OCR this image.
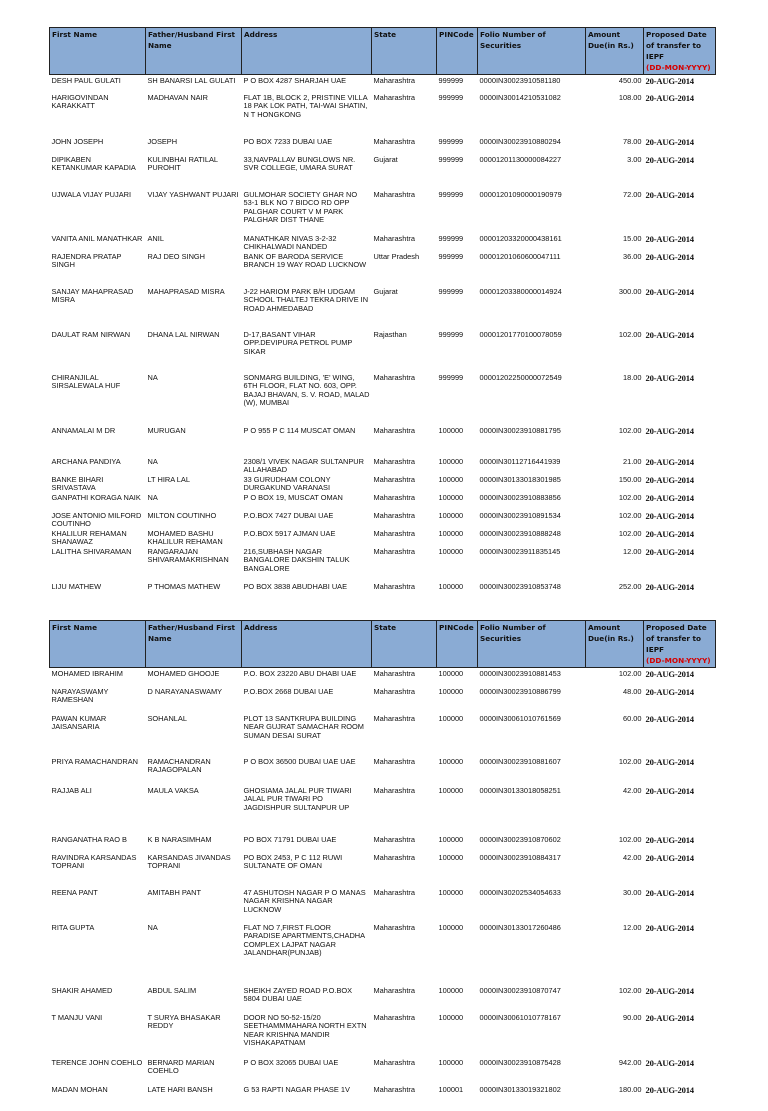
First Name	Father/Husband First Name	Address	State	PINCode	Folio Number of Securities	Amount Due(in Rs.)	Proposed Date of transfer to IEPF
(DD-MON-YYYY)
DESH PAUL GULATI	SH BANARSI LAL GULATI	P O BOX 4287 SHARJAH UAE	Maharashtra	999999	0000IN30023910581180	450.00	20-AUG-2014
HARIGOVINDAN KARAKKATT	MADHAVAN NAIR	FLAT 1B, BLOCK 2, PRISTINE VILLA 18 PAK LOK PATH, TAI-WAI SHATIN, N T HONGKONG	Maharashtra	999999	0000IN30014210531082	108.00	20-AUG-2014
JOHN JOSEPH	JOSEPH	PO BOX 7233 DUBAI UAE	Maharashtra	999999	0000IN30023910880294	78.00	20-AUG-2014
DIPIKABEN KETANKUMAR KAPADIA	KULINBHAI RATILAL PUROHIT	33,NAVPALLAV BUNGLOWS NR. SVR COLLEGE, UMARA SURAT	Gujarat	999999	00001201130000084227	3.00	20-AUG-2014
UJWALA VIJAY PUJARI	VIJAY YASHWANT PUJARI	GULMOHAR SOCIETY GHAR NO 53-1 BLK NO 7 BIDCO RD OPP PALGHAR COURT V M PARK PALGHAR DIST THANE	Maharashtra	999999	00001201090000190979	72.00	20-AUG-2014
VANITA ANIL MANATHKAR	ANIL	MANATHKAR NIVAS 3-2-32 CHIKHALWADI NANDED	Maharashtra	999999	00001203320000438161	15.00	20-AUG-2014
RAJENDRA PRATAP SINGH	RAJ DEO SINGH	BANK OF BARODA SERVICE BRANCH 19 WAY ROAD LUCKNOW	Uttar Pradesh	999999	00001201060600047111	36.00	20-AUG-2014
SANJAY MAHAPRASAD MISRA	MAHAPRASAD MISRA	J-22 HARIOM PARK B/H UDGAM SCHOOL THALTEJ TEKRA DRIVE IN ROAD AHMEDABAD	Gujarat	999999	00001203380000014924	300.00	20-AUG-2014
DAULAT RAM NIRWAN	DHANA LAL NIRWAN	D-17,BASANT VIHAR OPP.DEVIPURA PETROL PUMP SIKAR	Rajasthan	999999	00001201770100078059	102.00	20-AUG-2014
CHIRANJILAL SIRSALEWALA HUF	NA	SONMARG BUILDING, 'E' WING, 6TH FLOOR, FLAT NO. 603, OPP. BAJAJ BHAVAN, S. V. ROAD, MALAD (W), MUMBAI	Maharashtra	999999	00001202250000072549	18.00	20-AUG-2014
ANNAMALAI M DR	MURUGAN	P O 955 P C 114 MUSCAT OMAN	Maharashtra	100000	0000IN30023910881795	102.00	20-AUG-2014
ARCHANA PANDIYA	NA	2308/1 VIVEK NAGAR SULTANPUR ALLAHABAD	Maharashtra	100000	0000IN30112716441939	21.00	20-AUG-2014
BANKE BIHARI SRIVASTAVA	LT HIRA LAL	33 GURUDHAM COLONY DURGAKUND VARANASI	Maharashtra	100000	0000IN30133018301985	150.00	20-AUG-2014
GANPATHI KORAGA NAIK	NA	P O BOX 19, MUSCAT OMAN	Maharashtra	100000	0000IN30023910883856	102.00	20-AUG-2014
JOSE ANTONIO MILFORD COUTINHO	MILTON COUTINHO	P.O.BOX 7427 DUBAI UAE	Maharashtra	100000	0000IN30023910891534	102.00	20-AUG-2014
KHALILUR REHAMAN SHANAWAZ	MOHAMED BASHU KHALILUR REHAMAN	P.O.BOX 5917 AJMAN UAE	Maharashtra	100000	0000IN30023910888248	102.00	20-AUG-2014
LALITHA SHIVARAMAN	RANGARAJAN SHIVARAMAKRISHNAN	216,SUBHASH NAGAR BANGALORE DAKSHIN TALUK BANGALORE	Maharashtra	100000	0000IN30023911835145	12.00	20-AUG-2014
LIJU MATHEW	P THOMAS MATHEW	PO BOX 3838 ABUDHABI UAE	Maharashtra	100000	0000IN30023910853748	252.00	20-AUG-2014
First Name	Father/Husband First Name	Address	State	PINCode	Folio Number of Securities	Amount Due(in Rs.)	Proposed Date of transfer to IEPF
(DD-MON-YYYY)
MOHAMED IBRAHIM	MOHAMED GHOOJE	P.O. BOX 23220 ABU DHABI UAE	Maharashtra	100000	0000IN30023910881453	102.00	20-AUG-2014
NARAYASWAMY RAMESHAN	D NARAYANASWAMY	P.O.BOX 2668 DUBAI UAE	Maharashtra	100000	0000IN30023910886799	48.00	20-AUG-2014
PAWAN KUMAR JAISANSARIA	SOHANLAL	PLOT 13 SANTKRUPA BUILDING NEAR GUJRAT SAMACHAR ROOM SUMAN DESAI SURAT	Maharashtra	100000	0000IN30061010761569	60.00	20-AUG-2014
PRIYA RAMACHANDRAN	RAMACHANDRAN RAJAGOPALAN	P O BOX 36500 DUBAI UAE UAE	Maharashtra	100000	0000IN30023910881607	102.00	20-AUG-2014
RAJJAB ALI	MAULA VAKSA	GHOSIAMA JALAL PUR TIWARI JALAL PUR TIWARI PO JAGDISHPUR SULTANPUR UP	Maharashtra	100000	0000IN30133018058251	42.00	20-AUG-2014
RANGANATHA RAO B	K B NARASIMHAM	PO BOX 71791 DUBAI UAE	Maharashtra	100000	0000IN30023910870602	102.00	20-AUG-2014
RAVINDRA KARSANDAS TOPRANI	KARSANDAS JIVANDAS TOPRANI	PO BOX 2453, P C 112 RUWI SULTANATE OF OMAN	Maharashtra	100000	0000IN30023910884317	42.00	20-AUG-2014
REENA PANT	AMITABH PANT	47 ASHUTOSH NAGAR P O MANAS NAGAR KRISHNA NAGAR LUCKNOW	Maharashtra	100000	0000IN30202534054633	30.00	20-AUG-2014
RITA GUPTA	NA	FLAT NO 7,FIRST FLOOR PARADISE APARTMENTS,CHADHA COMPLEX LAJPAT NAGAR JALANDHAR(PUNJAB)	Maharashtra	100000	0000IN30133017260486	12.00	20-AUG-2014
SHAKIR AHAMED	ABDUL SALIM	SHEIKH ZAYED ROAD P.O.BOX 5804 DUBAI UAE	Maharashtra	100000	0000IN30023910870747	102.00	20-AUG-2014
T MANJU VANI	T SURYA BHASAKAR REDDY	DOOR NO 50-52-15/20 SEETHAMMMAHARA NORTH EXTN NEAR KRISHNA MANDIR VISHAKAPATNAM	Maharashtra	100000	0000IN30061010778167	90.00	20-AUG-2014
TERENCE JOHN COEHLO	BERNARD MARIAN COEHLO	P O BOX 32065 DUBAI UAE	Maharashtra	100000	0000IN30023910875428	942.00	20-AUG-2014
MADAN MOHAN	LATE HARI BANSH	G 53 RAPTI NAGAR PHASE 1V	Maharashtra	100001	0000IN30133019321802	180.00	20-AUG-2014
